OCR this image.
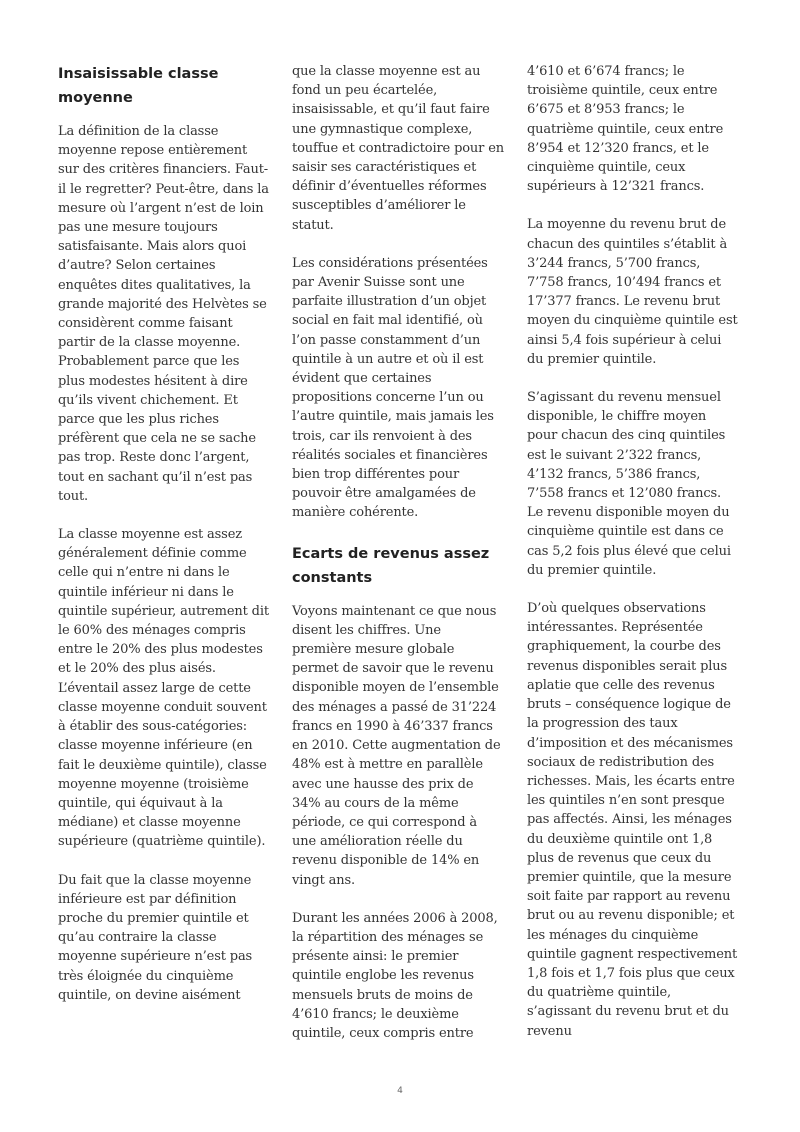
Insaisissable classe moyenne

La définition de la classe moyenne repose entièrement sur des critères financiers. Faut-il le regretter? Peut-être, dans la mesure où l’argent n’est de loin pas une mesure toujours satisfaisante. Mais alors quoi d’autre? Selon certaines enquêtes dites qualitatives, la grande majorité des Helvètes se considèrent comme faisant partir de la classe moyenne. Probablement parce que les plus modestes hésitent à dire qu’ils vivent chichement. Et parce que les plus riches préfèrent que cela ne se sache pas trop. Reste donc l’argent, tout en sachant qu’il n’est pas tout.

La classe moyenne est assez généralement définie comme celle qui n’entre ni dans le quintile inférieur ni dans le quintile supérieur, autrement dit le 60% des ménages compris entre le 20% des plus modestes et le 20% des plus aisés. L’éventail assez large de cette classe moyenne conduit souvent à établir des sous-catégories: classe moyenne inférieure (en fait le deuxième quintile), classe moyenne moyenne (troisième quintile, qui équivaut à la médiane) et classe moyenne supérieure (quatrième quintile).

Du fait que la classe moyenne inférieure est par définition proche du premier quintile et qu’au contraire la classe moyenne supérieure n’est pas très éloignée du cinquième quintile, on devine aisément

que la classe moyenne est au fond un peu écartelée, insaisissable, et qu’il faut faire une gymnastique complexe, touffue et contradictoire pour en saisir ses caractéristiques et définir d’éventuelles réformes susceptibles d’améliorer le statut.

Les considérations présentées par Avenir Suisse sont une parfaite illustration d’un objet social en fait mal identifié, où l’on passe constamment d’un quintile à un autre et où il est évident que certaines propositions concerne l’un ou l’autre quintile, mais jamais les trois, car ils renvoient à des réalités sociales et financières bien trop différentes pour pouvoir être amalgamées de manière cohérente.

Ecarts de revenus assez constants

Voyons maintenant ce que nous disent les chiffres. Une première mesure globale permet de savoir que le revenu disponible moyen de l’ensemble des ménages a passé de 31’224 francs en 1990 à 46’337 francs en 2010. Cette augmentation de 48% est à mettre en parallèle avec une hausse des prix de 34% au cours de la même période, ce qui correspond à une amélioration réelle du revenu disponible de 14% en vingt ans.

Durant les années 2006 à 2008, la répartition des ménages se présente ainsi: le premier quintile englobe les revenus mensuels bruts de moins de 4’610 francs; le deuxième quintile, ceux compris entre

4’610 et 6’674 francs; le troisième quintile, ceux entre 6’675 et 8’953 francs; le quatrième quintile, ceux entre 8’954 et 12’320 francs, et le cinquième quintile, ceux supérieurs à 12’321 francs.

La moyenne du revenu brut de chacun des quintiles s’établit à 3’244 francs, 5’700 francs, 7’758 francs, 10’494 francs et 17’377 francs. Le revenu brut moyen du cinquième quintile est ainsi 5,4 fois supérieur à celui du premier quintile.

S’agissant du revenu mensuel disponible, le chiffre moyen pour chacun des cinq quintiles est le suivant 2’322 francs, 4’132 francs, 5’386 francs, 7’558 francs et 12’080 francs. Le revenu disponible moyen du cinquième quintile est dans ce cas 5,2 fois plus élevé que celui du premier quintile.

D’où quelques observations intéressantes. Représentée graphiquement, la courbe des revenus disponibles serait plus aplatie que celle des revenus bruts – conséquence logique de la progression des taux d’imposition et des mécanismes sociaux de redistribution des richesses. Mais, les écarts entre les quintiles n’en sont presque pas affectés. Ainsi, les ménages du deuxième quintile ont 1,8 plus de revenus que ceux du premier quintile, que la mesure soit faite par rapport au revenu brut ou au revenu disponible; et les ménages du cinquième quintile gagnent respectivement 1,8 fois et 1,7 fois plus que ceux du quatrième quintile, s’agissant du revenu brut et du revenu

4
